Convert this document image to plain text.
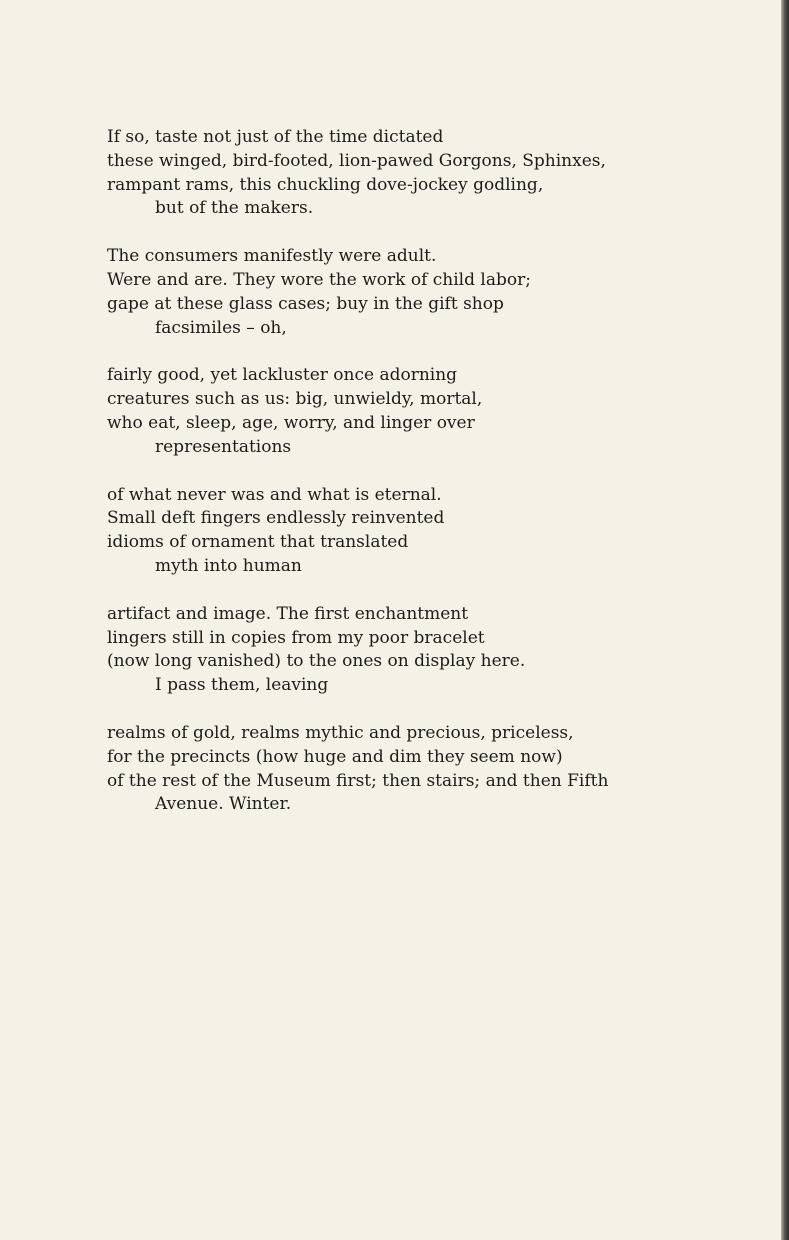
If so, taste not just of the time dictated
these winged, bird-footed, lion-pawed Gorgons, Sphinxes,
rampant rams, this chuckling dove-jockey godling,
but of the makers.
The consumers manifestly were adult.
Were and are. They wore the work of child labor;
gape at these glass cases; buy in the gift shop
facsimiles – oh,
fairly good, yet lackluster once adorning
creatures such as us: big, unwieldy, mortal,
who eat, sleep, age, worry, and linger over
representations
of what never was and what is eternal.
Small deft fingers endlessly reinvented
idioms of ornament that translated
myth into human
artifact and image. The first enchantment
lingers still in copies from my poor bracelet
(now long vanished) to the ones on display here.
I pass them, leaving
realms of gold, realms mythic and precious, priceless,
for the precincts (how huge and dim they seem now)
of the rest of the Museum first; then stairs; and then Fifth
Avenue. Winter.
